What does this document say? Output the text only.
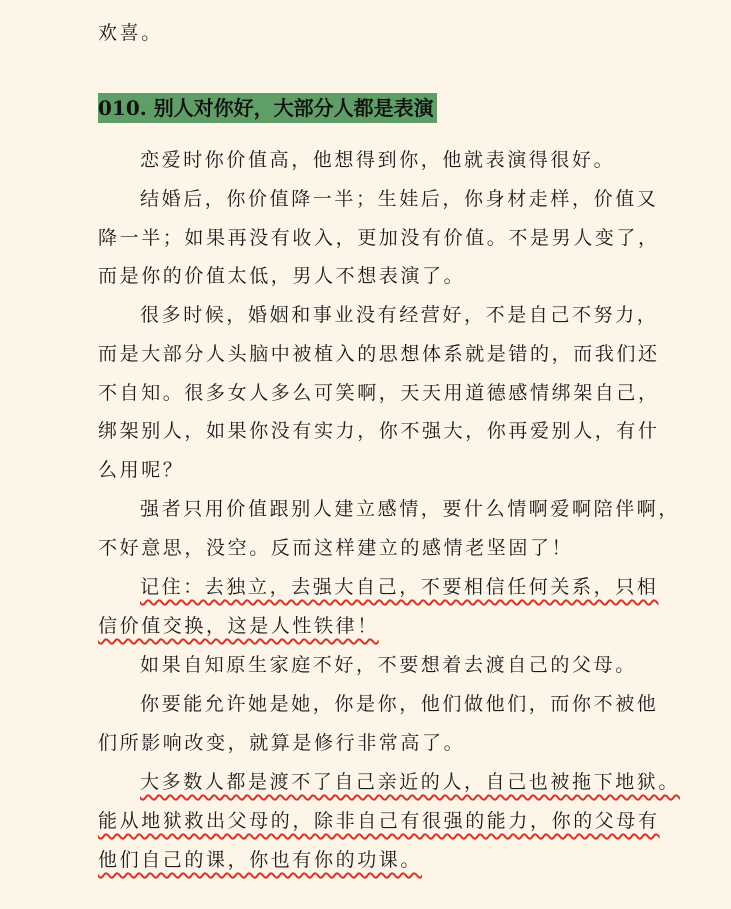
欢喜。
010. 别人对你好，大部分人都是表演
恋爱时你价值高，他想得到你，他就表演得很好。
结婚后，你价值降一半；生娃后，你身材走样，价值又
降一半；如果再没有收入，更加没有价值。不是男人变了，
而是你的价值太低，男人不想表演了。
很多时候，婚姻和事业没有经营好，不是自己不努力，
而是大部分人头脑中被植入的思想体系就是错的，而我们还
不自知。很多女人多么可笑啊，天天用道德感情绑架自己，
绑架别人，如果你没有实力，你不强大，你再爱别人，有什
么用呢？
强者只用价值跟别人建立感情，要什么情啊爱啊陪伴啊，
不好意思，没空。反而这样建立的感情老坚固了！
记住：去独立，去强大自己，不要相信任何关系，只相
信价值交换，这是人性铁律！
如果自知原生家庭不好，不要想着去渡自己的父母。
你要能允许她是她，你是你，他们做他们，而你不被他
们所影响改变，就算是修行非常高了。
大多数人都是渡不了自己亲近的人，自己也被拖下地狱。
能从地狱救出父母的，除非自己有很强的能力，你的父母有
他们自己的课，你也有你的功课。
